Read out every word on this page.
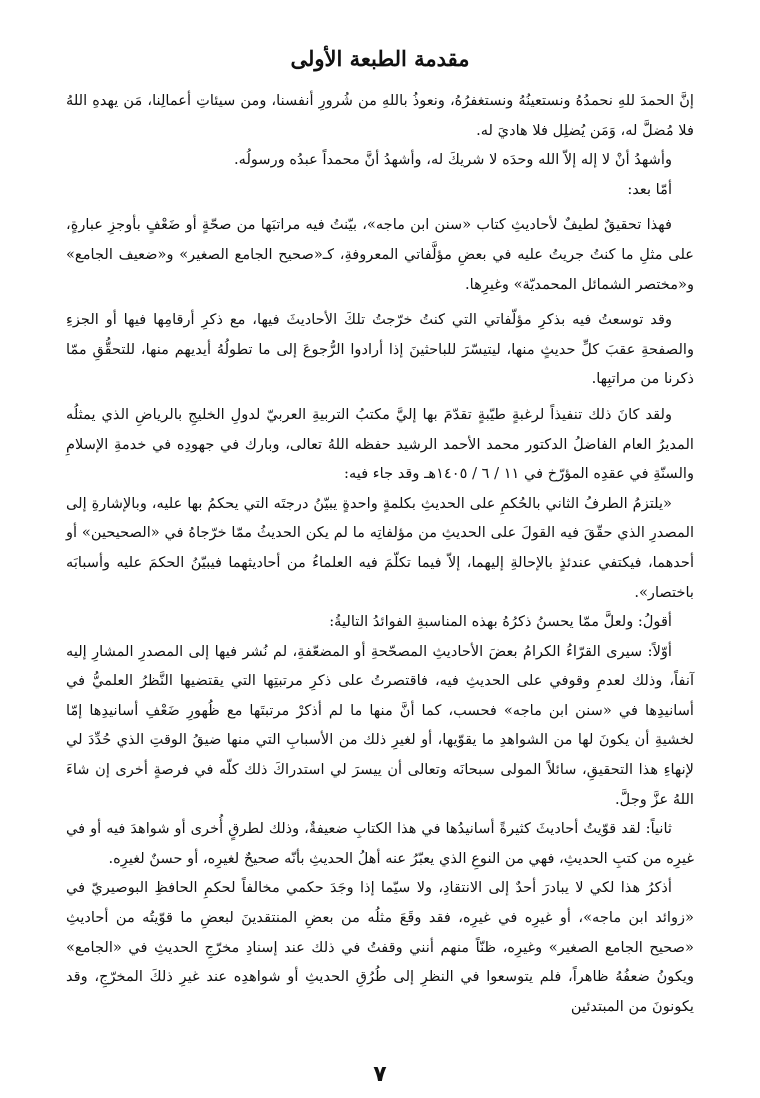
مقدمة الطبعة الأولى

إنَّ الحمدَ للهِ نحمدُهُ ونستعينُهُ ونستغفرُهُ، ونعوذُ باللهِ من شُرورِ أنفسنا، ومن سيئاتِ أعمالِنا، مَن يهدهِ اللهُ فلا مُضلَّ له، وَمَن يُضلِل فلا هاديَ له.

وأشهدُ أنْ لا إله إلاّ الله وحدَه لا شريكَ له، وأشهدُ أنَّ محمداً عبدُه ورسولُه.

أمّا بعد:

فهذا تحقيقٌ لطيفٌ لأحاديثِ كتاب «سنن ابن ماجه»، بيّنتُ فيه مراتبَها من صحّةٍ أو ضَعْفٍ بأوجزِ عبارةٍ، على مثلِ ما كنتُ جريتُ عليه في بعضِ مؤلَّفاتي المعروفةِ، كـ«صحيح الجامع الصغير» و«ضعيف الجامع» و«مختصر الشمائل المحمديّة» وغيرِها.

وقد توسعتُ فيه بذكرِ مؤلّفاتي التي كنتُ خرّجتُ تلكَ الأحاديثَ فيها، مع ذكرِ أرقامِها فيها أو الجزءِ والصفحةِ عقبَ كلِّ حديثٍ منها، ليتيسّرَ للباحثينَ إذا أرادوا الرُّجوعَ إلى ما تطولُهُ أيديهم منها، للتحقُّقِ ممّا ذكرنا من مراتبِها.

ولقد كانَ ذلك تنفيذاً لرغبةٍ طيّبةٍ تقدّمَ بها إليَّ مكتبُ التربيةِ العربيّ لدولِ الخليجِ بالرياضِ الذي يمثلُه المديرُ العام الفاضلُ الدكتور محمد الأحمد الرشيد حفظه اللهُ تعالى، وبارك في جهودِه في خدمةِ الإسلامِ والسنّةِ في عقدِه المؤرّخ في ١١ / ٦ / ١٤٠٥هـ وقد جاء فيه:

«يلتزمُ الطرفُ الثاني بالحُكمِ على الحديثِ بكلمةٍ واحدةٍ يبيّنُ درجتَه التي يحكمُ بها عليه، وبالإشارةِ إلى المصدرِ الذي حقّقَ فيه القولَ على الحديثِ من مؤلفاتِه ما لم يكن الحديثُ ممّا خرّجاهُ في «الصحيحين» أو أحدهما، فيكتفي عندئذٍ بالإحالةِ إليهما، إلاّ فيما تكلّمَ فيه العلماءُ من أحاديثهما فيبيّنُ الحكمَ عليه وأسبابَه باختصار».

أقولُ: ولعلَّ ممّا يحسنُ ذكرُهُ بهذه المناسبةِ الفوائدُ التاليةُ:

أوّلاً: سيرى القرّاءُ الكرامُ بعضَ الأحاديثِ المصحّحةِ أو المضعّفةِ، لم نُشر فيها إلى المصدرِ المشارِ إليه آنفاً، وذلك لعدمِ وقوفي على الحديثِ فيه، فاقتصرتُ على ذكرِ مرتبتِها التي يقتضيها النَّظرُ العلميُّ في أسانيدِها في «سنن ابن ماجه» فحسب، كما أنَّ منها ما لم أذكرْ مرتبتَها مع ظُهورِ ضَعْفِ أسانيدِها إمّا لخشيةِ أن يكونَ لها من الشواهدِ ما يقوّيها، أو لغيرِ ذلك من الأسبابِ التي منها ضيقُ الوقتِ الذي حُدِّدَ لي لإنهاءِ هذا التحقيقِ، سائلاً المولى سبحانَه وتعالى أن ييسرَ لي استدراكَ ذلك كلّه في فرصةٍ أخرى إن شاءَ اللهُ عزَّ وجلَّ.

ثانياً: لقد قوّيتُ أحاديثَ كثيرةً أسانيدُها في هذا الكتابِ ضعيفةٌ، وذلك لطرقٍ أُخرى أو شواهدَ فيه أو في غيرِه من كتبِ الحديثِ، فهي من النوعِ الذي يعبّرُ عنه أهلُ الحديثِ بأنّه صحيحٌ لغيرِه، أو حسنٌ لغيرِه.

أذكرُ هذا لكي لا يبادرَ أحدٌ إلى الانتقادِ، ولا سيّما إذا وجَدَ حكمي مخالفاً لحكمِ الحافظِ البوصيريّ في «زوائد ابن ماجه»، أو غيرِه في غيرِه، فقد وقَعَ مثلُه من بعضِ المنتقدينَ لبعضِ ما قوّيتُه من أحاديثِ «صحيح الجامع الصغير» وغيرِه، ظنّاً منهم أنني وقفتُ في ذلك عند إسنادِ مخرّجِ الحديثِ في «الجامع» ويكونُ ضعفُهُ ظاهراً، فلم يتوسعوا في النظرِ إلى طُرُقِ الحديثِ أو شواهدِه عند غيرِ ذلكَ المخرّجِ، وقد يكونونَ من المبتدئين

٧
